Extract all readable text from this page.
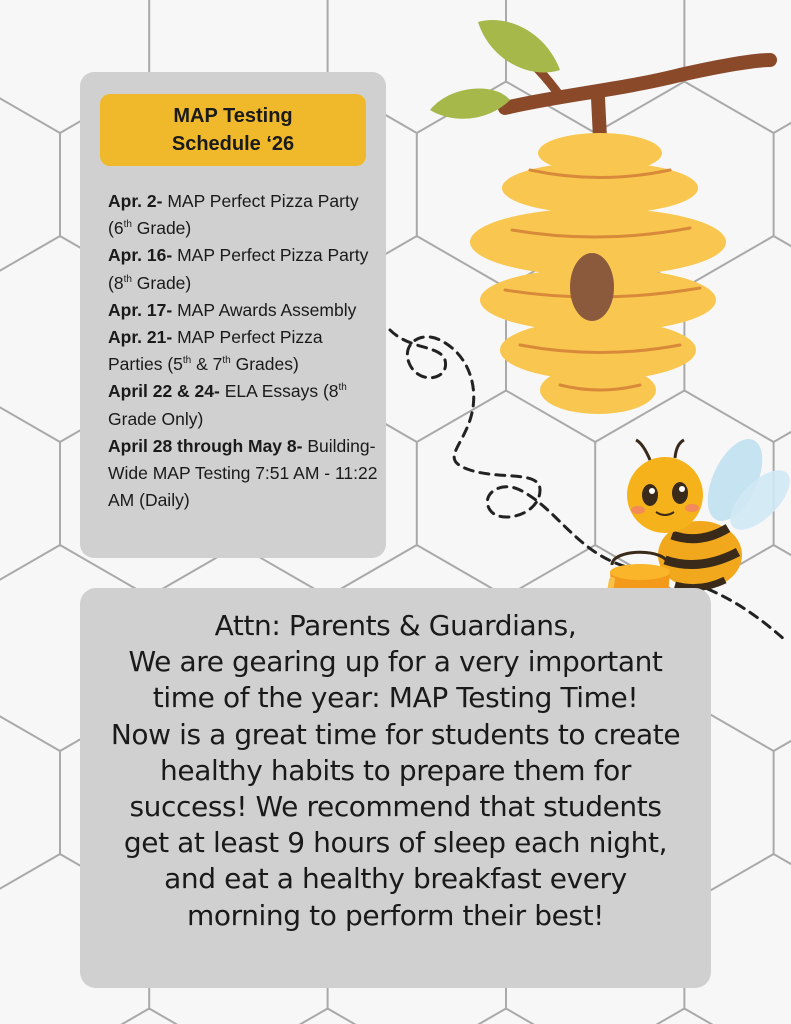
MAP Testing
Schedule ‘26

Apr. 2- MAP Perfect Pizza Party (6th Grade)

Apr. 16- MAP Perfect Pizza Party (8th Grade)

Apr. 17- MAP Awards Assembly

Apr. 21- MAP Perfect Pizza Parties (5th & 7th Grades)

April 22 & 24- ELA Essays (8th Grade Only)

April 28 through May 8- Building-Wide MAP Testing 7:51 AM - 11:22 AM (Daily)

Attn: Parents & Guardians,
We are gearing up for a very important
time of the year: MAP Testing Time!
Now is a great time for students to create
healthy habits to prepare them for
success! We recommend that students
get at least 9 hours of sleep each night,
and eat a healthy breakfast every
morning to perform their best!
